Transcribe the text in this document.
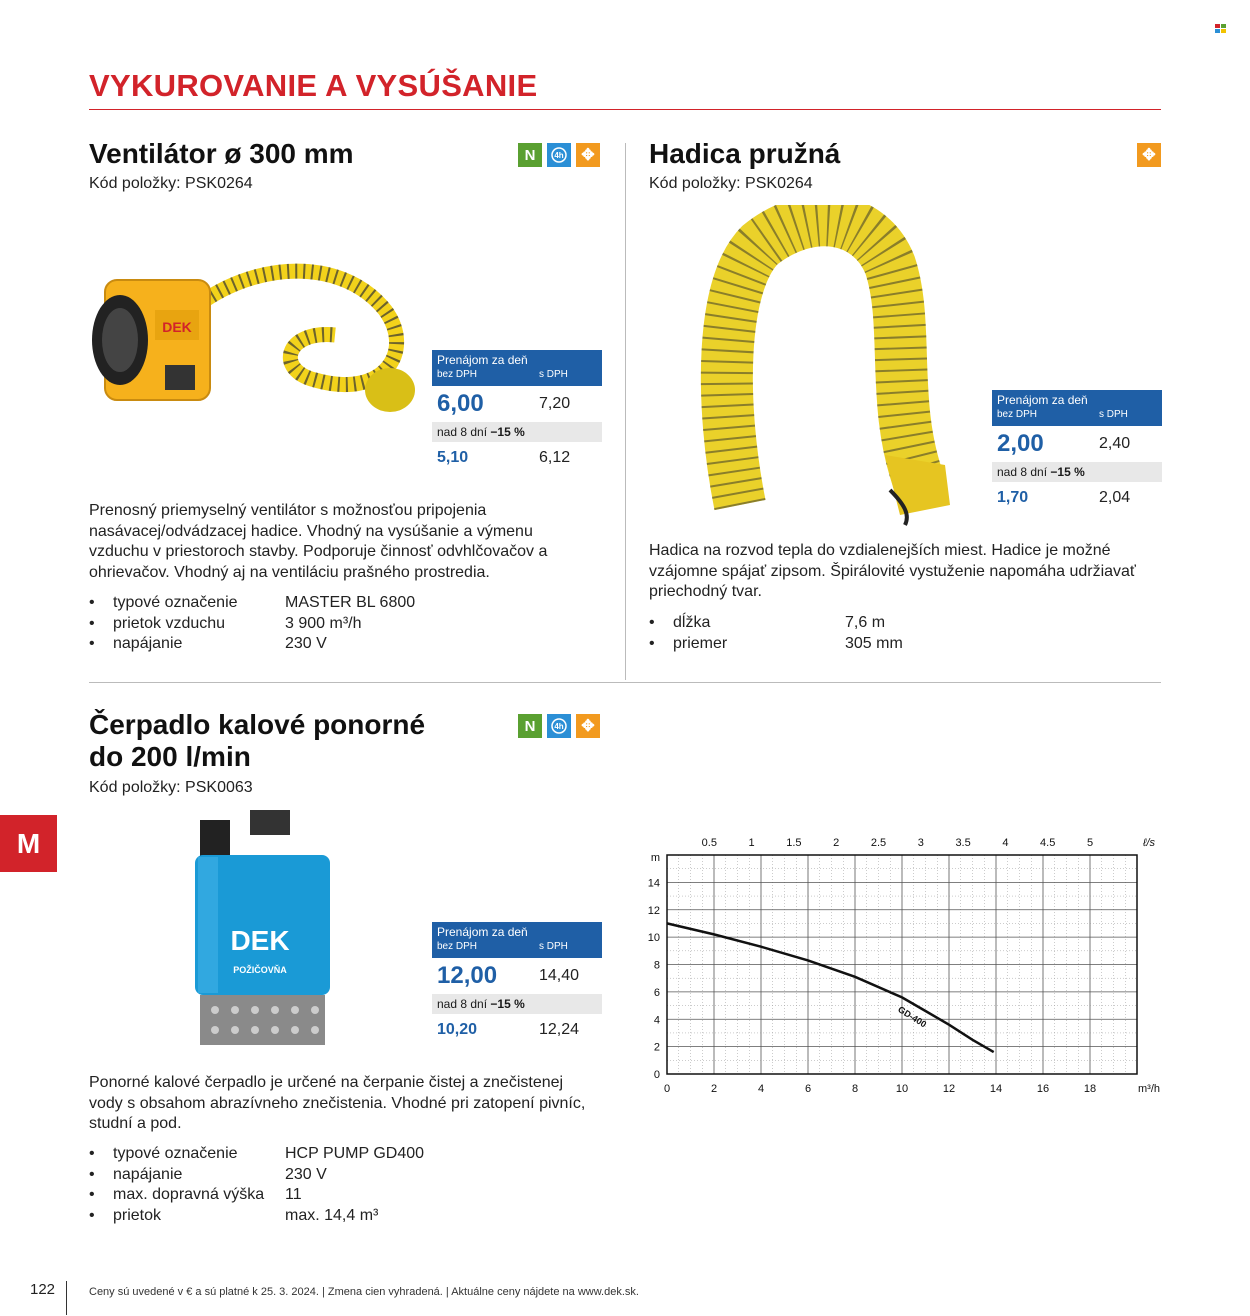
VYKUROVANIE A VYSÚŠANIE
Ventilátor ø 300 mm
Kód položky: PSK0264
N	4h	✥
DEK
Prenájom za deň
bez DPH	s DPH
6,00	7,20
nad 8 dní −15 %
5,10	6,12
Prenosný priemyselný ventilátor s možnosťou pripojenia nasávacej/odvádzacej hadice. Vhodný na vysúšanie a výmenu vzduchu v priestoroch stavby. Podporuje činnosť odvhlčovačov a ohrievačov. Vhodný aj na ventiláciu prašného prostredia.
•	typové označenie	MASTER BL 6800
•	prietok vzduchu	3 900 m³/h
•	napájanie	230 V
Hadica pružná
Kód položky: PSK0264
✥
Prenájom za deň
bez DPH	s DPH
2,00	2,40
nad 8 dní −15 %
1,70	2,04
Hadica na rozvod tepla do vzdialenejších miest. Hadice je možné vzájomne spájať zipsom. Špirálovité vystuženie napomáha udržiavať priechodný tvar.
•	dĺžka	7,6 m
•	priemer	305 mm
Čerpadlo kalové ponorné
do 200 l/min
Kód položky: PSK0063
N	4h	✥
DEK
POŽIČOVŇA
Prenájom za deň
bez DPH	s DPH
12,00	14,40
nad 8 dní −15 %
10,20	12,24
Ponorné kalové čerpadlo je určené na čerpanie čistej a znečistenej vody s obsahom abrazívneho znečistenia. Vhodné pri zatopení pivníc, studní a pod.
•	typové označenie	HCP PUMP GD400
•	napájanie	230 V
•	max. dopravná výška	11
•	prietok	max. 14,4 m³
0	2	4	6	8	10	12	14	16	18	m³/h
0
2
4
6
8
10
12
14
m
0.5	1	1.5	2	2.5	3	3.5	4	4.5	5	ℓ/s
GD-400
M
122	Ceny sú uvedené v € a sú platné k 25. 3. 2024. | Zmena cien vyhradená. | Aktuálne ceny nájdete na www.dek.sk.
